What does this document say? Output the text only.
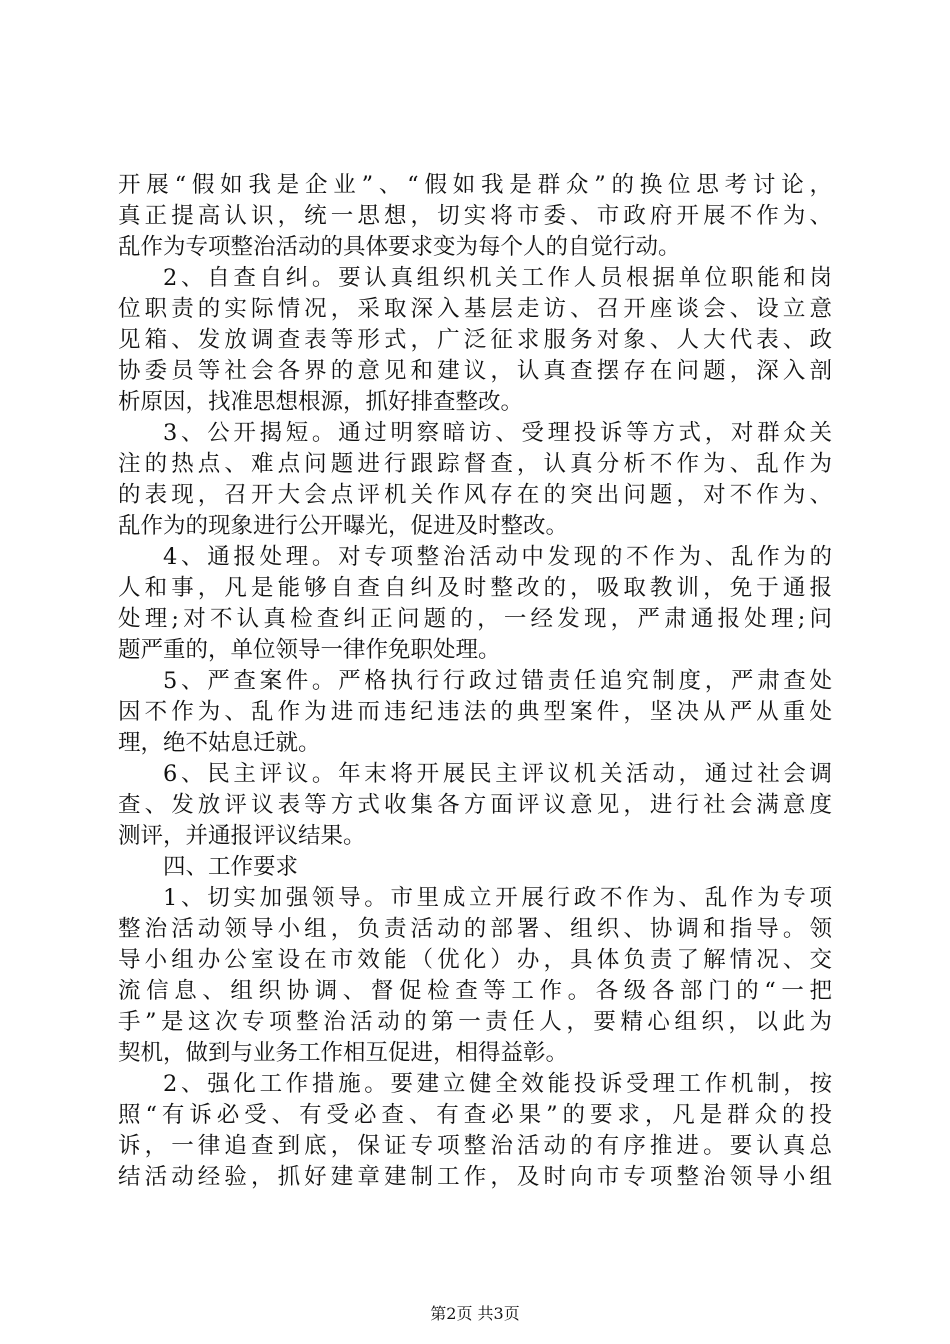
开展“假如我是企业”、“假如我是群众”的换位思考讨论，
真正提高认识，统一思想，切实将市委、市政府开展不作为、
乱作为专项整治活动的具体要求变为每个人的自觉行动。
2、自查自纠。要认真组织机关工作人员根据单位职能和岗
位职责的实际情况，采取深入基层走访、召开座谈会、设立意
见箱、发放调查表等形式，广泛征求服务对象、人大代表、政
协委员等社会各界的意见和建议，认真查摆存在问题，深入剖
析原因，找准思想根源，抓好排查整改。
3、公开揭短。通过明察暗访、受理投诉等方式，对群众关
注的热点、难点问题进行跟踪督查，认真分析不作为、乱作为
的表现，召开大会点评机关作风存在的突出问题，对不作为、
乱作为的现象进行公开曝光，促进及时整改。
4、通报处理。对专项整治活动中发现的不作为、乱作为的
人和事，凡是能够自查自纠及时整改的，吸取教训，免于通报
处理;对不认真检查纠正问题的，一经发现，严肃通报处理;问
题严重的，单位领导一律作免职处理。
5、严查案件。严格执行行政过错责任追究制度，严肃查处
因不作为、乱作为进而违纪违法的典型案件，坚决从严从重处
理，绝不姑息迁就。
6、民主评议。年末将开展民主评议机关活动，通过社会调
查、发放评议表等方式收集各方面评议意见，进行社会满意度
测评，并通报评议结果。
四、工作要求
1、切实加强领导。市里成立开展行政不作为、乱作为专项
整治活动领导小组，负责活动的部署、组织、协调和指导。领
导小组办公室设在市效能（优化）办，具体负责了解情况、交
流信息、组织协调、督促检查等工作。各级各部门的“一把
手”是这次专项整治活动的第一责任人，要精心组织，以此为
契机，做到与业务工作相互促进，相得益彰。
2、强化工作措施。要建立健全效能投诉受理工作机制，按
照“有诉必受、有受必查、有查必果”的要求，凡是群众的投
诉，一律追查到底，保证专项整治活动的有序推进。要认真总
结活动经验，抓好建章建制工作，及时向市专项整治领导小组
第2页 共3页
